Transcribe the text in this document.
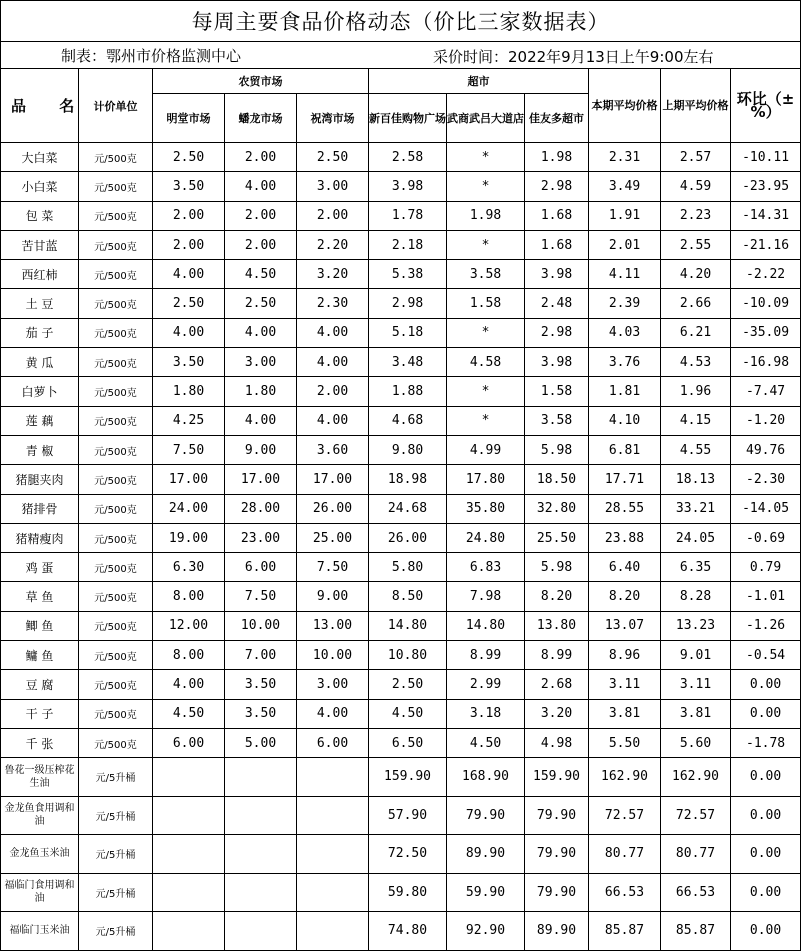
每周主要食品价格动态（价比三家数据表）										
制表：鄂州市价格监测中心 采价时间：2022年9月13日上午9:00左右										

品 名	计价单位	农贸市场			超市			本期平均价格	上期平均价格	环比（±%）
		明堂市场	蟠龙市场	祝湾市场	新百佳购物广场	武商武吕大道店	佳友多超市			
大白菜	元/500克	2.50	2.00	2.50	2.58	*	1.98	2.31	2.57	-10.11
小白菜	元/500克	3.50	4.00	3.00	3.98	*	2.98	3.49	4.59	-23.95
包 菜	元/500克	2.00	2.00	2.00	1.78	1.98	1.68	1.91	2.23	-14.31
苦甘蓝	元/500克	2.00	2.00	2.20	2.18	*	1.68	2.01	2.55	-21.16
西红柿	元/500克	4.00	4.50	3.20	5.38	3.58	3.98	4.11	4.20	-2.22
土 豆	元/500克	2.50	2.50	2.30	2.98	1.58	2.48	2.39	2.66	-10.09
茄 子	元/500克	4.00	4.00	4.00	5.18	*	2.98	4.03	6.21	-35.09
黄 瓜	元/500克	3.50	3.00	4.00	3.48	4.58	3.98	3.76	4.53	-16.98
白萝卜	元/500克	1.80	1.80	2.00	1.88	*	1.58	1.81	1.96	-7.47
莲 藕	元/500克	4.25	4.00	4.00	4.68	*	3.58	4.10	4.15	-1.20
青 椒	元/500克	7.50	9.00	3.60	9.80	4.99	5.98	6.81	4.55	49.76
猪腿夹肉	元/500克	17.00	17.00	17.00	18.98	17.80	18.50	17.71	18.13	-2.30
猪排骨	元/500克	24.00	28.00	26.00	24.68	35.80	32.80	28.55	33.21	-14.05
猪精瘦肉	元/500克	19.00	23.00	25.00	26.00	24.80	25.50	23.88	24.05	-0.69
鸡 蛋	元/500克	6.30	6.00	7.50	5.80	6.83	5.98	6.40	6.35	0.79
草 鱼	元/500克	8.00	7.50	9.00	8.50	7.98	8.20	8.20	8.28	-1.01
鲫 鱼	元/500克	12.00	10.00	13.00	14.80	14.80	13.80	13.07	13.23	-1.26
鳙 鱼	元/500克	8.00	7.00	10.00	10.80	8.99	8.99	8.96	9.01	-0.54
豆 腐	元/500克	4.00	3.50	3.00	2.50	2.99	2.68	3.11	3.11	0.00
干 子	元/500克	4.50	3.50	4.00	4.50	3.18	3.20	3.81	3.81	0.00
千 张	元/500克	6.00	5.00	6.00	6.50	4.50	4.98	5.50	5.60	-1.78
鲁花一级压榨花生油	元/5升桶				159.90	168.90	159.90	162.90	162.90	0.00
金龙鱼食用调和油	元/5升桶				57.90	79.90	79.90	72.57	72.57	0.00
金龙鱼玉米油	元/5升桶				72.50	89.90	79.90	80.77	80.77	0.00
福临门食用调和油	元/5升桶				59.80	59.90	79.90	66.53	66.53	0.00
福临门玉米油	元/5升桶				74.80	92.90	89.90	85.87	85.87	0.00
